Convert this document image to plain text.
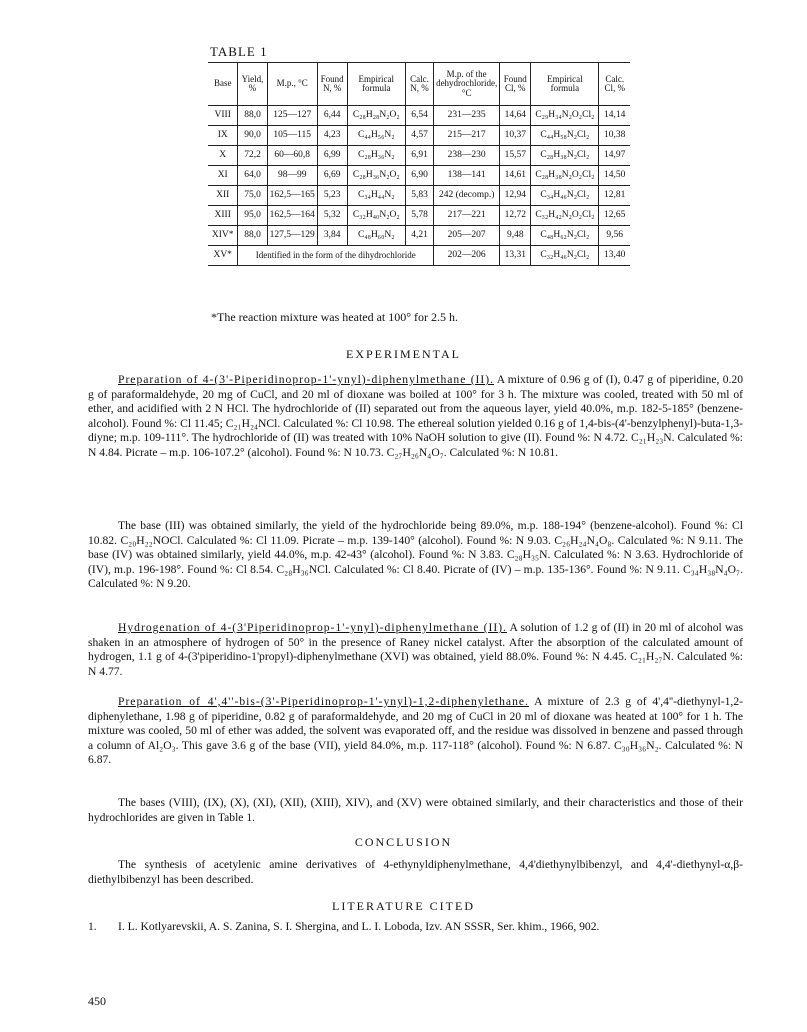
TABLE 1
Base	Yield, %	M.p., °C	Found N, %	Empirical formula	Calc. N, %	M.p. of the dehydrochloride, °C	Found Cl, %	Empirical formula	Calc. Cl, %
VIII	88,0	125—127	6,44	C₂₈H₂₈N₂O₂	6,54	231—235	14,64	C₂₉H₃₄N₂O₂Cl₂	14,14
IX	90,0	105—115	4,23	C₄₄H₅₆N₂	4,57	215—217	10,37	C₄₄H₅₈N₂Cl₂	10,38
X	72,2	60—60,8	6,99	C₂₈H₃₆N₂	6,91	238—230	15,57	C₂₈H₃₈N₂Cl₂	14,97
XI	64,0	98—99	6,69	C₂₈H₃₆N₂O₂	6,90	138—141	14,61	C₂₈H₃₈N₂O₂Cl₂	14,50
XII	75,0	162,5—165	5,23	C₃₄H₄₄N₂	5,83	242 (decomp.)	12,94	C₃₄H₄₆N₂Cl₂	12,81
XIII	95,0	162,5—164	5,32	C₃₂H₄₀N₂O₂	5,78	217—221	12,72	C₃₂H₄₂N₂O₂Cl₂	12,65
XIV*	88,0	127,5—129	3,84	C₄₈H₆₀N₂	4,21	205—207	9,48	C₄₈H₆₂N₂Cl₂	9,56
XV*	Identified in the form of the dihydrochloride					202—206	13,31	C₃₂H₄₆N₂Cl₂	13,40
*The reaction mixture was heated at 100° for 2.5 h.
EXPERIMENTAL
Preparation of 4-(3'-Piperidinoprop-1'-ynyl)-diphenylmethane (II). A mixture of 0.96 g of (I), 0.47 g of piperidine, 0.20 g of paraformaldehyde, 20 mg of CuCl, and 20 ml of dioxane was boiled at 100° for 3 h. The mixture was cooled, treated with 50 ml of ether, and acidified with 2 N HCl. The hydrochloride of (II) separated out from the aqueous layer, yield 40.0%, m.p. 182-5-185° (benzene-alcohol). Found %: Cl 11.45; C₂₁H₂₄NCl. Calculated %: Cl 10.98. The ethereal solution yielded 0.16 g of 1,4-bis-(4'-benzylphenyl)-buta-1,3-diyne; m.p. 109-111°. The hydrochloride of (II) was treated with 10% NaOH solution to give (II). Found %: N 4.72. C₂₁H₂₃N. Calculated %: N 4.84. Picrate – m.p. 106-107.2° (alcohol). Found %: N 10.73. C₂₇H₂₆N₄O₇. Calculated %: N 10.81.
The base (III) was obtained similarly, the yield of the hydrochloride being 89.0%, m.p. 188-194° (benzene-alcohol). Found %: Cl 10.82. C₂₀H₂₂NOCl. Calculated %: Cl 11.09. Picrate – m.p. 139-140° (alcohol). Found %: N 9.03. C₂₆H₂₄N₄O₈. Calculated %: N 9.11. The base (IV) was obtained similarly, yield 44.0%, m.p. 42-43° (alcohol). Found %: N 3.83. C₂₈H₃₅N. Calculated %: N 3.63. Hydrochloride of (IV), m.p. 196-198°. Found %: Cl 8.54. C₂₈H₃₆NCl. Calculated %: Cl 8.40. Picrate of (IV) – m.p. 135-136°. Found %: N 9.11. C₃₄H₃₈N₄O₇. Calculated %: N 9.20.
Hydrogenation of 4-(3'Piperidinoprop-1'-ynyl)-diphenylmethane (II). A solution of 1.2 g of (II) in 20 ml of alcohol was shaken in an atmosphere of hydrogen of 50° in the presence of Raney nickel catalyst. After the absorption of the calculated amount of hydrogen, 1.1 g of 4-(3'piperidino-1'propyl)-diphenylmethane (XVI) was obtained, yield 88.0%. Found %: N 4.45. C₂₁H₂₇N. Calculated %: N 4.77.
Preparation of 4',4''-bis-(3'-Piperidinoprop-1'-ynyl)-1,2-diphenylethane. A mixture of 2.3 g of 4',4''-diethynyl-1,2-diphenylethane, 1.98 g of piperidine, 0.82 g of paraformaldehyde, and 20 mg of CuCl in 20 ml of dioxane was heated at 100° for 1 h. The mixture was cooled, 50 ml of ether was added, the solvent was evaporated off, and the residue was dissolved in benzene and passed through a column of Al₂O₃. This gave 3.6 g of the base (VII), yield 84.0%, m.p. 117-118° (alcohol). Found %: N 6.87. C₃₀H₃₆N₂. Calculated %: N 6.87.
The bases (VIII), (IX), (X), (XI), (XII), (XIII), XIV), and (XV) were obtained similarly, and their characteristics and those of their hydrochlorides are given in Table 1.
CONCLUSION
The synthesis of acetylenic amine derivatives of 4-ethynyldiphenylmethane, 4,4'diethynylbibenzyl, and 4,4'-diethynyl-α,β-diethylbibenzyl has been described.
LITERATURE CITED
1. I. L. Kotlyarevskii, A. S. Zanina, S. I. Shergina, and L. I. Loboda, Izv. AN SSSR, Ser. khim., 1966, 902.
450
